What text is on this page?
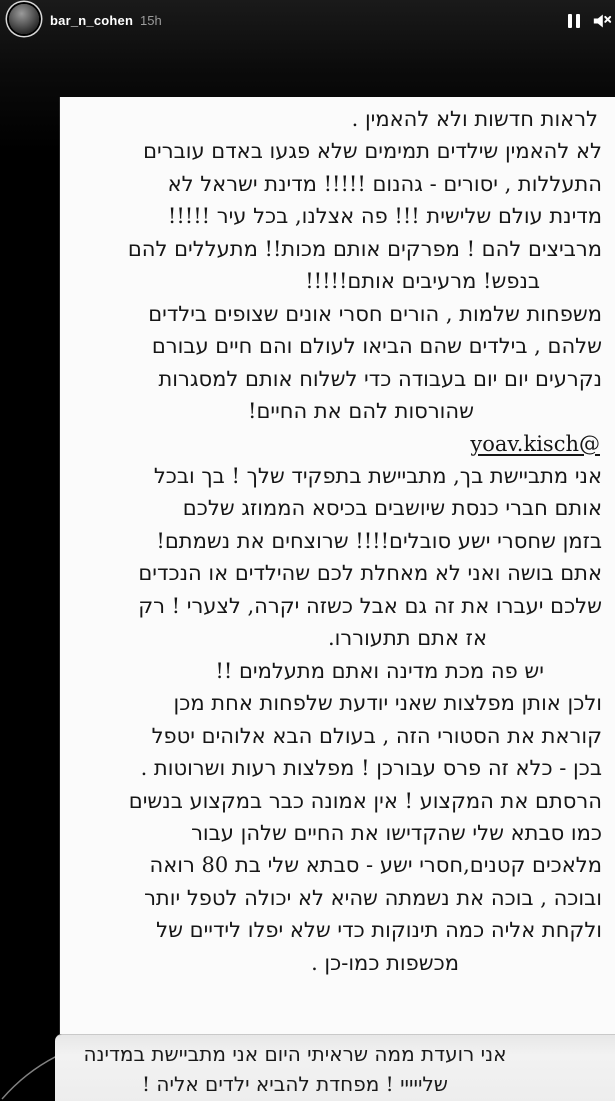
bar_n_cohen 15h
לראות חדשות ולא להאמין .
לא להאמין שילדים תמימים שלא פגעו באדם עוברים
התעללות , יסורים - גהנום !!!!! מדינת ישראל לא
מדינת עולם שלישית !!! פה אצלנו, בכל עיר !!!!!
מרביצים להם ! מפרקים אותם מכות!! מתעללים להם
בנפש! מרעיבים אותם!!!!!
משפחות שלמות , הורים חסרי אונים שצופים בילדים
שלהם , בילדים שהם הביאו לעולם והם חיים עבורם
נקרעים יום יום בעבודה כדי לשלוח אותם למסגרות
שהורסות להם את החיים!
@yoav.kisch
אני מתביישת בך, מתביישת בתפקיד שלך ! בך ובכל
אותם חברי כנסת שיושבים בכיסא הממוזג שלכם
בזמן שחסרי ישע סובלים!!!! שרוצחים את נשמתם!
אתם בושה ואני לא מאחלת לכם שהילדים או הנכדים
שלכם יעברו את זה גם אבל כשזה יקרה, לצערי ! רק
אז אתם תתעוררו.
יש פה מכת מדינה ואתם מתעלמים !!
ולכן אותן מפלצות שאני יודעת שלפחות אחת מכן
קוראת את הסטורי הזה , בעולם הבא אלוהים יטפל
בכן - כלא זה פרס עבורכן ! מפלצות רעות ושרוטות .
הרסתם את המקצוע ! אין אמונה כבר במקצוע בנשים
כמו סבתא שלי שהקדישו את החיים שלהן עבור
מלאכים קטנים,חסרי ישע - סבתא שלי בת 80 רואה
ובוכה , בוכה את נשמתה שהיא לא יכולה לטפל יותר
ולקחת אליה כמה תינוקות כדי שלא יפלו לידיים של
מכשפות כמו-כן .
אני רועדת ממה שראיתי היום אני מתביישת במדינה
שלייייי ! מפחדת להביא ילדים אליה !
